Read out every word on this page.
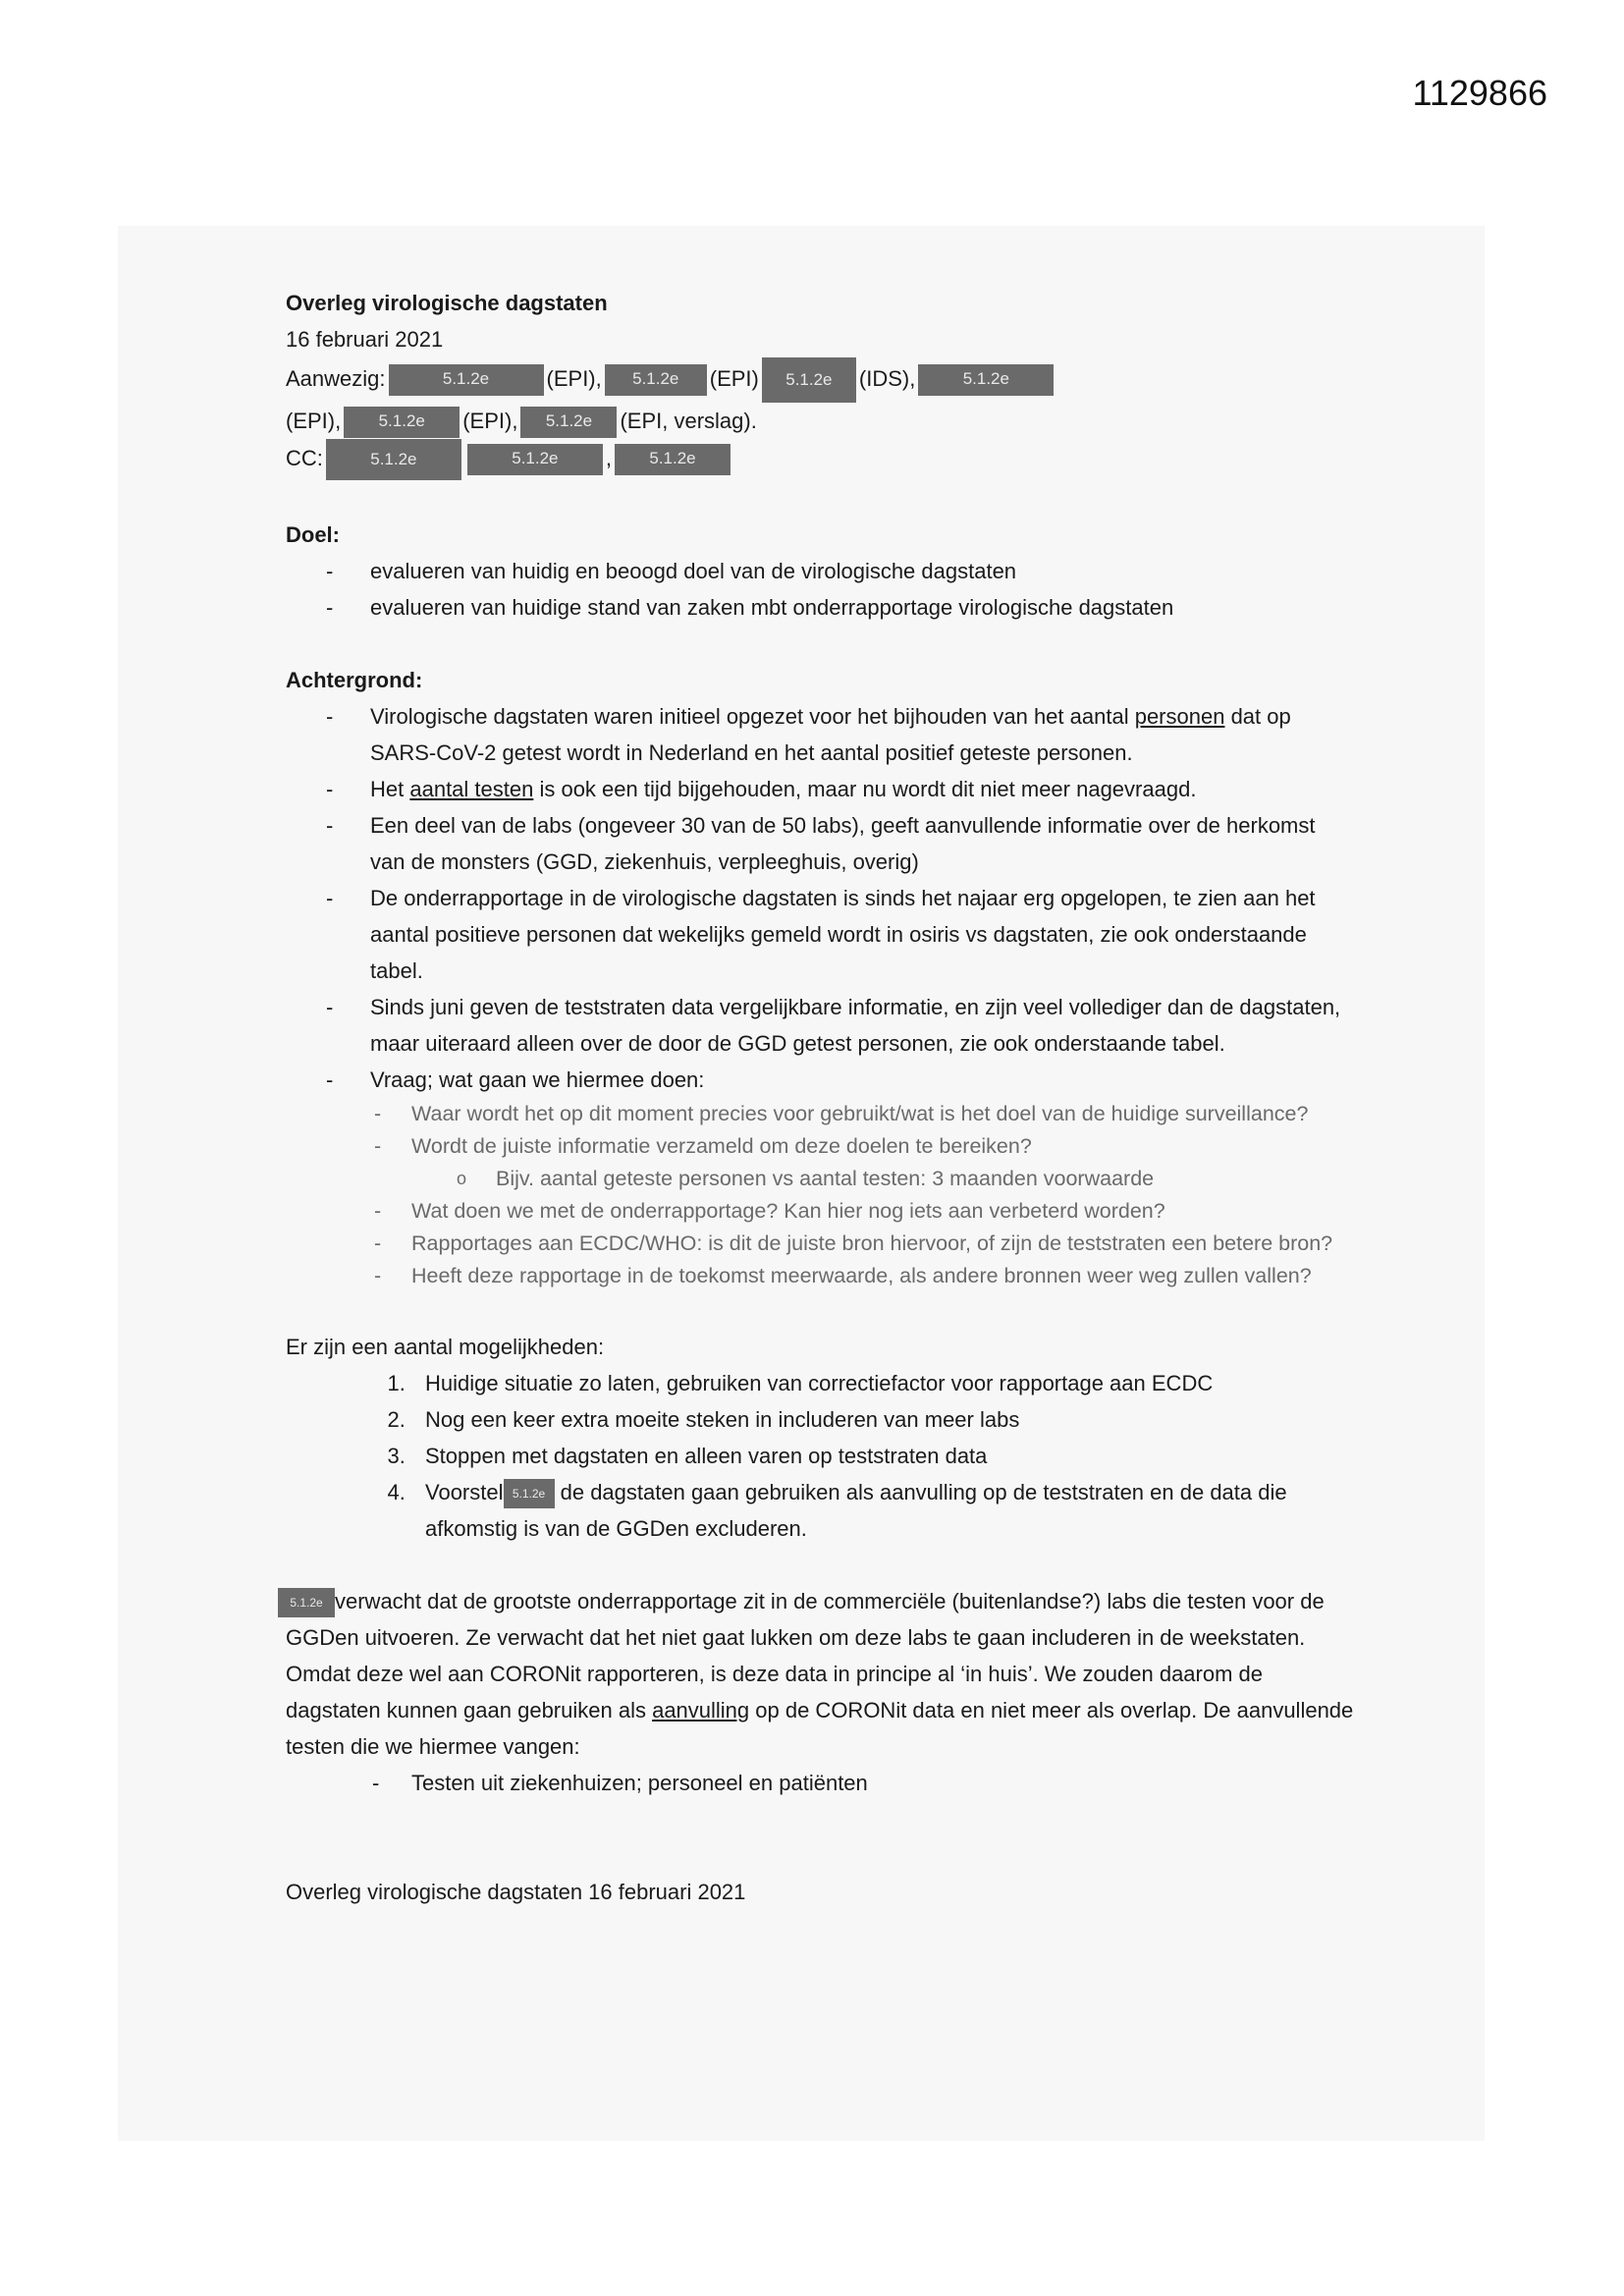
1129866
Overleg virologische dagstaten
16 februari 2021
Aanwezig:	5.1.2e	(EPI), 5.1.2e (EPI) 5.1.2e (IDS),	5.1.2e
(EPI), 5.1.2e (EPI), 5.1.2e (EPI, verslag).
CC:	5.1.2e	5.1.2e , 5.1.2e
Doel:
- evalueren van huidig en beoogd doel van de virologische dagstaten
- evalueren van huidige stand van zaken mbt onderrapportage virologische dagstaten
Achtergrond:
- Virologische dagstaten waren initieel opgezet voor het bijhouden van het aantal personen dat op SARS-CoV-2 getest wordt in Nederland en het aantal positief geteste personen.
- Het aantal testen is ook een tijd bijgehouden, maar nu wordt dit niet meer nagevraagd.
- Een deel van de labs (ongeveer 30 van de 50 labs), geeft aanvullende informatie over de herkomst van de monsters (GGD, ziekenhuis, verpleeghuis, overig)
- De onderrapportage in de virologische dagstaten is sinds het najaar erg opgelopen, te zien aan het aantal positieve personen dat wekelijks gemeld wordt in osiris vs dagstaten, zie ook onderstaande tabel.
- Sinds juni geven de teststraten data vergelijkbare informatie, en zijn veel vollediger dan de dagstaten, maar uiteraard alleen over de door de GGD getest personen, zie ook onderstaande tabel.
- Vraag; wat gaan we hiermee doen:
- Waar wordt het op dit moment precies voor gebruikt/wat is het doel van de huidige surveillance?
- Wordt de juiste informatie verzameld om deze doelen te bereiken?
o Bijv. aantal geteste personen vs aantal testen: 3 maanden voorwaarde
- Wat doen we met de onderrapportage? Kan hier nog iets aan verbeterd worden?
- Rapportages aan ECDC/WHO: is dit de juiste bron hiervoor, of zijn de teststraten een betere bron?
- Heeft deze rapportage in de toekomst meerwaarde, als andere bronnen weer weg zullen vallen?
Er zijn een aantal mogelijkheden:
1. Huidige situatie zo laten, gebruiken van correctiefactor voor rapportage aan ECDC
2. Nog een keer extra moeite steken in includeren van meer labs
3. Stoppen met dagstaten en alleen varen op teststraten data
4. Voorstel 5.1.2e de dagstaten gaan gebruiken als aanvulling op de teststraten en de data die afkomstig is van de GGDen excluderen.
5.1.2e verwacht dat de grootste onderrapportage zit in de commerciële (buitenlandse?) labs die testen voor de GGDen uitvoeren. Ze verwacht dat het niet gaat lukken om deze labs te gaan includeren in de weekstaten. Omdat deze wel aan CORONit rapporteren, is deze data in principe al ‘in huis’. We zouden daarom de dagstaten kunnen gaan gebruiken als aanvulling op de CORONit data en niet meer als overlap. De aanvullende testen die we hiermee vangen:
- Testen uit ziekenhuizen; personeel en patiënten
Overleg virologische dagstaten 16 februari 2021
